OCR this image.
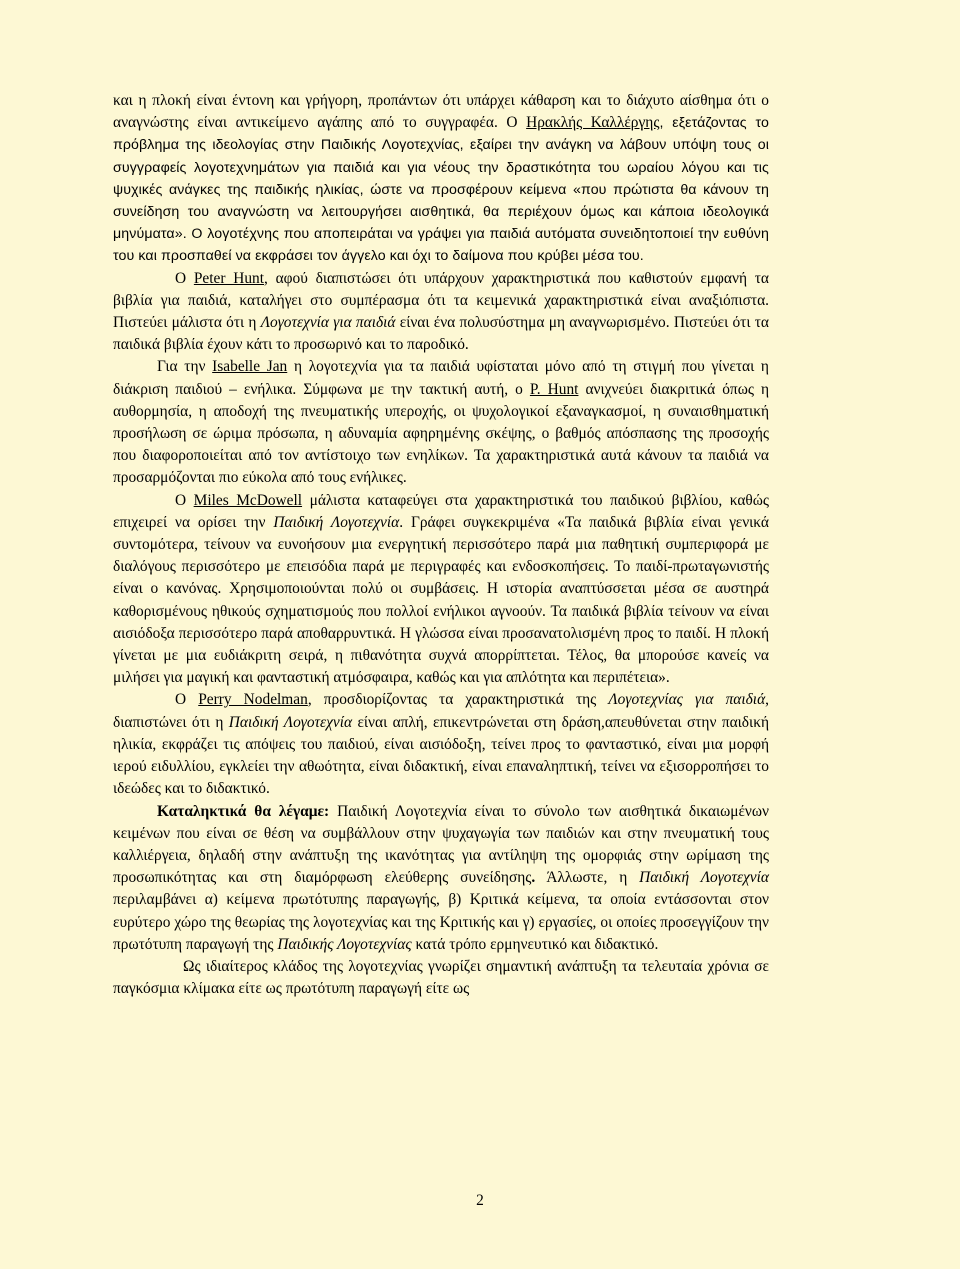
και η πλοκή είναι έντονη και γρήγορη, προπάντων ότι υπάρχει κάθαρση και το διάχυτο αίσθημα ότι ο αναγνώστης είναι αντικείμενο αγάπης από το συγγραφέα. Ο Ηρακλής Καλλέργης, εξετάζοντας το πρόβλημα της ιδεολογίας στην Παιδικής Λογοτεχνίας, εξαίρει την ανάγκη να λάβουν υπόψη τους οι συγγραφείς λογοτεχνημάτων για παιδιά και για νέους την δραστικότητα του ωραίου λόγου και τις ψυχικές ανάγκες της παιδικής ηλικίας, ώστε να προσφέρουν κείμενα «που πρώτιστα θα κάνουν τη συνείδηση του αναγνώστη να λειτουργήσει αισθητικά, θα περιέχουν όμως και κάποια ιδεολογικά μηνύματα». Ο λογοτέχνης που αποπειράται να γράψει για παιδιά αυτόματα συνειδητοποιεί την ευθύνη του και προσπαθεί να εκφράσει τον άγγελο και όχι το δαίμονα που κρύβει μέσα του.

Ο Peter Hunt, αφού διαπιστώσει ότι υπάρχουν χαρακτηριστικά που καθιστούν εμφανή τα βιβλία για παιδιά, καταλήγει στο συμπέρασμα ότι τα κειμενικά χαρακτηριστικά είναι αναξιόπιστα. Πιστεύει μάλιστα ότι η Λογοτεχνία για παιδιά είναι ένα πολυσύστημα μη αναγνωρισμένο. Πιστεύει ότι τα παιδικά βιβλία έχουν κάτι το προσωρινό και το παροδικό.

Για την Isabelle Jan η λογοτεχνία για τα παιδιά υφίσταται μόνο από τη στιγμή που γίνεται η διάκριση παιδιού – ενήλικα. Σύμφωνα με την τακτική αυτή, ο P. Hunt ανιχνεύει διακριτικά όπως η αυθορμησία, η αποδοχή της πνευματικής υπεροχής, οι ψυχολογικοί εξαναγκασμοί, η συναισθηματική προσήλωση σε ώριμα πρόσωπα, η αδυναμία αφηρημένης σκέψης, ο βαθμός απόσπασης της προσοχής που διαφοροποιείται από τον αντίστοιχο των ενηλίκων. Τα χαρακτηριστικά αυτά κάνουν τα παιδιά να προσαρμόζονται πιο εύκολα από τους ενήλικες.

Ο Miles McDowell μάλιστα καταφεύγει στα χαρακτηριστικά του παιδικού βιβλίου, καθώς επιχειρεί να ορίσει την Παιδική Λογοτεχνία. Γράφει συγκεκριμένα «Τα παιδικά βιβλία είναι γενικά συντομότερα, τείνουν να ευνοήσουν μια ενεργητική περισσότερο παρά μια παθητική συμπεριφορά με διαλόγους περισσότερο με επεισόδια παρά με περιγραφές και ενδοσκοπήσεις. Το παιδί-πρωταγωνιστής είναι ο κανόνας. Χρησιμοποιούνται πολύ οι συμβάσεις. Η ιστορία αναπτύσσεται μέσα σε αυστηρά καθορισμένους ηθικούς σχηματισμούς που πολλοί ενήλικοι αγνοούν. Τα παιδικά βιβλία τείνουν να είναι αισιόδοξα περισσότερο παρά αποθαρρυντικά. Η γλώσσα είναι προσανατολισμένη προς το παιδί. Η πλοκή γίνεται με μια ευδιάκριτη σειρά, η πιθανότητα συχνά απορρίπτεται. Τέλος, θα μπορούσε κανείς να μιλήσει για μαγική και φανταστική ατμόσφαιρα, καθώς και για απλότητα και περιπέτεια».

Ο Perry Nodelman, προσδιορίζοντας τα χαρακτηριστικά της Λογοτεχνίας για παιδιά, διαπιστώνει ότι η Παιδική Λογοτεχνία είναι απλή, επικεντρώνεται στη δράση,απευθύνεται στην παιδική ηλικία, εκφράζει τις απόψεις του παιδιού, είναι αισιόδοξη, τείνει προς το φανταστικό, είναι μια μορφή ιερού ειδυλλίου, εγκλείει την αθωότητα, είναι διδακτική, είναι επαναληπτική, τείνει να εξισορροπήσει το ιδεώδες και το διδακτικό.

Καταληκτικά θα λέγαμε: Παιδική Λογοτεχνία είναι το σύνολο των αισθητικά δικαιωμένων κειμένων που είναι σε θέση να συμβάλλουν στην ψυχαγωγία των παιδιών και στην πνευματική τους καλλιέργεια, δηλαδή στην ανάπτυξη της ικανότητας για αντίληψη της ομορφιάς στην ωρίμαση της προσωπικότητας και στη διαμόρφωση ελεύθερης συνείδησης. Άλλωστε, η Παιδική Λογοτεχνία περιλαμβάνει α) κείμενα πρωτότυπης παραγωγής, β) Κριτικά κείμενα, τα οποία εντάσσονται στον ευρύτερο χώρο της θεωρίας της λογοτεχνίας και της Κριτικής και γ) εργασίες, οι οποίες προσεγγίζουν την πρωτότυπη παραγωγή της Παιδικής Λογοτεχνίας κατά τρόπο ερμηνευτικό και διδακτικό.

Ως ιδιαίτερος κλάδος της λογοτεχνίας γνωρίζει σημαντική ανάπτυξη τα τελευταία χρόνια σε παγκόσμια κλίμακα είτε ως πρωτότυπη παραγωγή είτε ως

2
